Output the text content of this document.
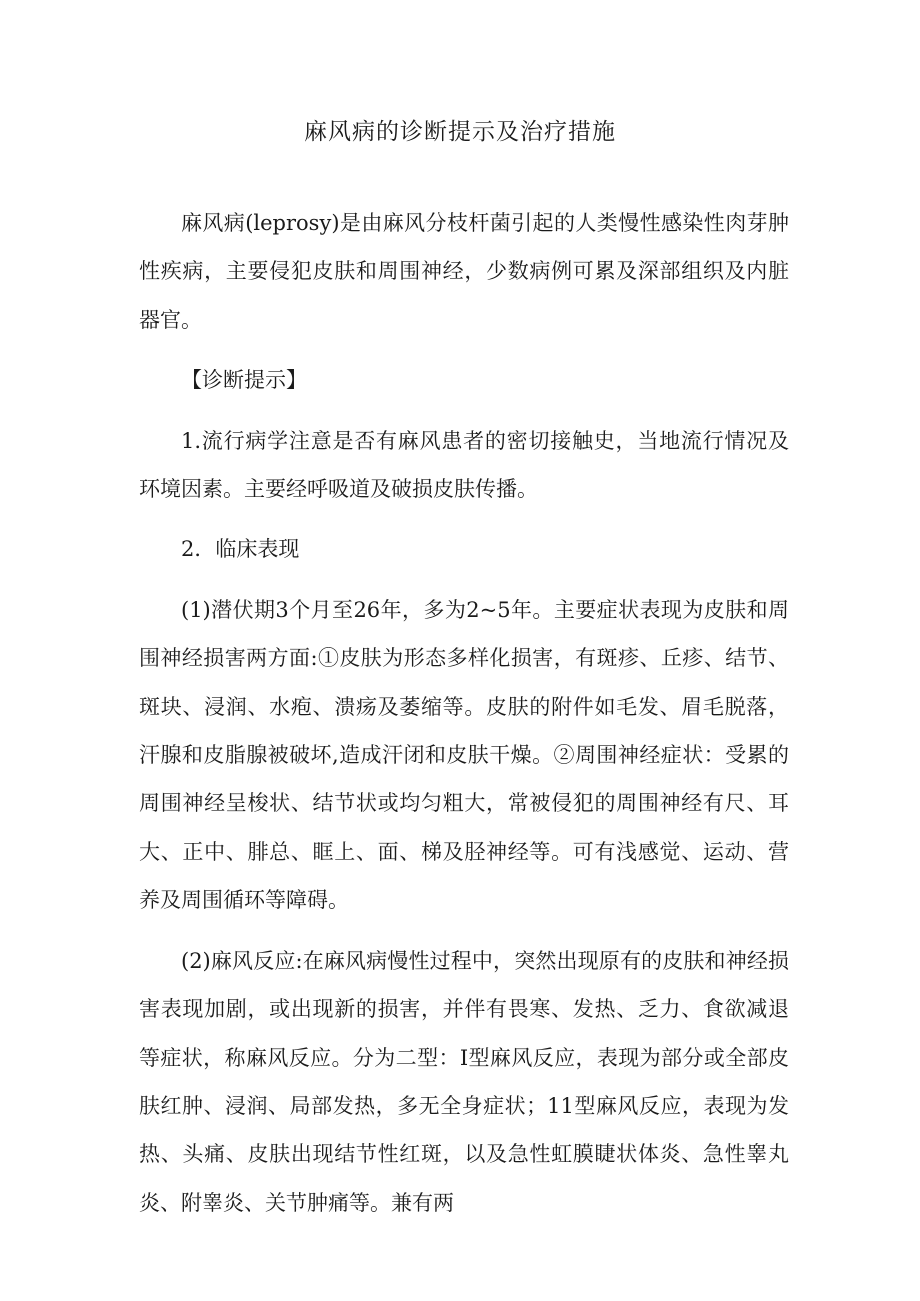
麻风病的诊断提示及治疗措施

麻风病(leprosy)是由麻风分枝杆菌引起的人类慢性感染性肉芽肿性疾病，主要侵犯皮肤和周围神经，少数病例可累及深部组织及内脏器官。

【诊断提示】

1.流行病学注意是否有麻风患者的密切接触史，当地流行情况及环境因素。主要经呼吸道及破损皮肤传播。

2．临床表现

(1)潜伏期3个月至26年，多为2~5年。主要症状表现为皮肤和周围神经损害两方面:①皮肤为形态多样化损害，有斑疹、丘疹、结节、斑块、浸润、水疱、溃疡及萎缩等。皮肤的附件如毛发、眉毛脱落，汗腺和皮脂腺被破坏,造成汗闭和皮肤干燥。②周围神经症状：受累的周围神经呈梭状、结节状或均匀粗大，常被侵犯的周围神经有尺、耳大、正中、腓总、眶上、面、梯及胫神经等。可有浅感觉、运动、营养及周围循环等障碍。

(2)麻风反应:在麻风病慢性过程中，突然出现原有的皮肤和神经损害表现加剧，或出现新的损害，并伴有畏寒、发热、乏力、食欲减退等症状，称麻风反应。分为二型：I型麻风反应，表现为部分或全部皮肤红肿、浸润、局部发热，多无全身症状；11型麻风反应，表现为发热、头痛、皮肤出现结节性红斑，以及急性虹膜睫状体炎、急性睾丸炎、附睾炎、关节肿痛等。兼有两
